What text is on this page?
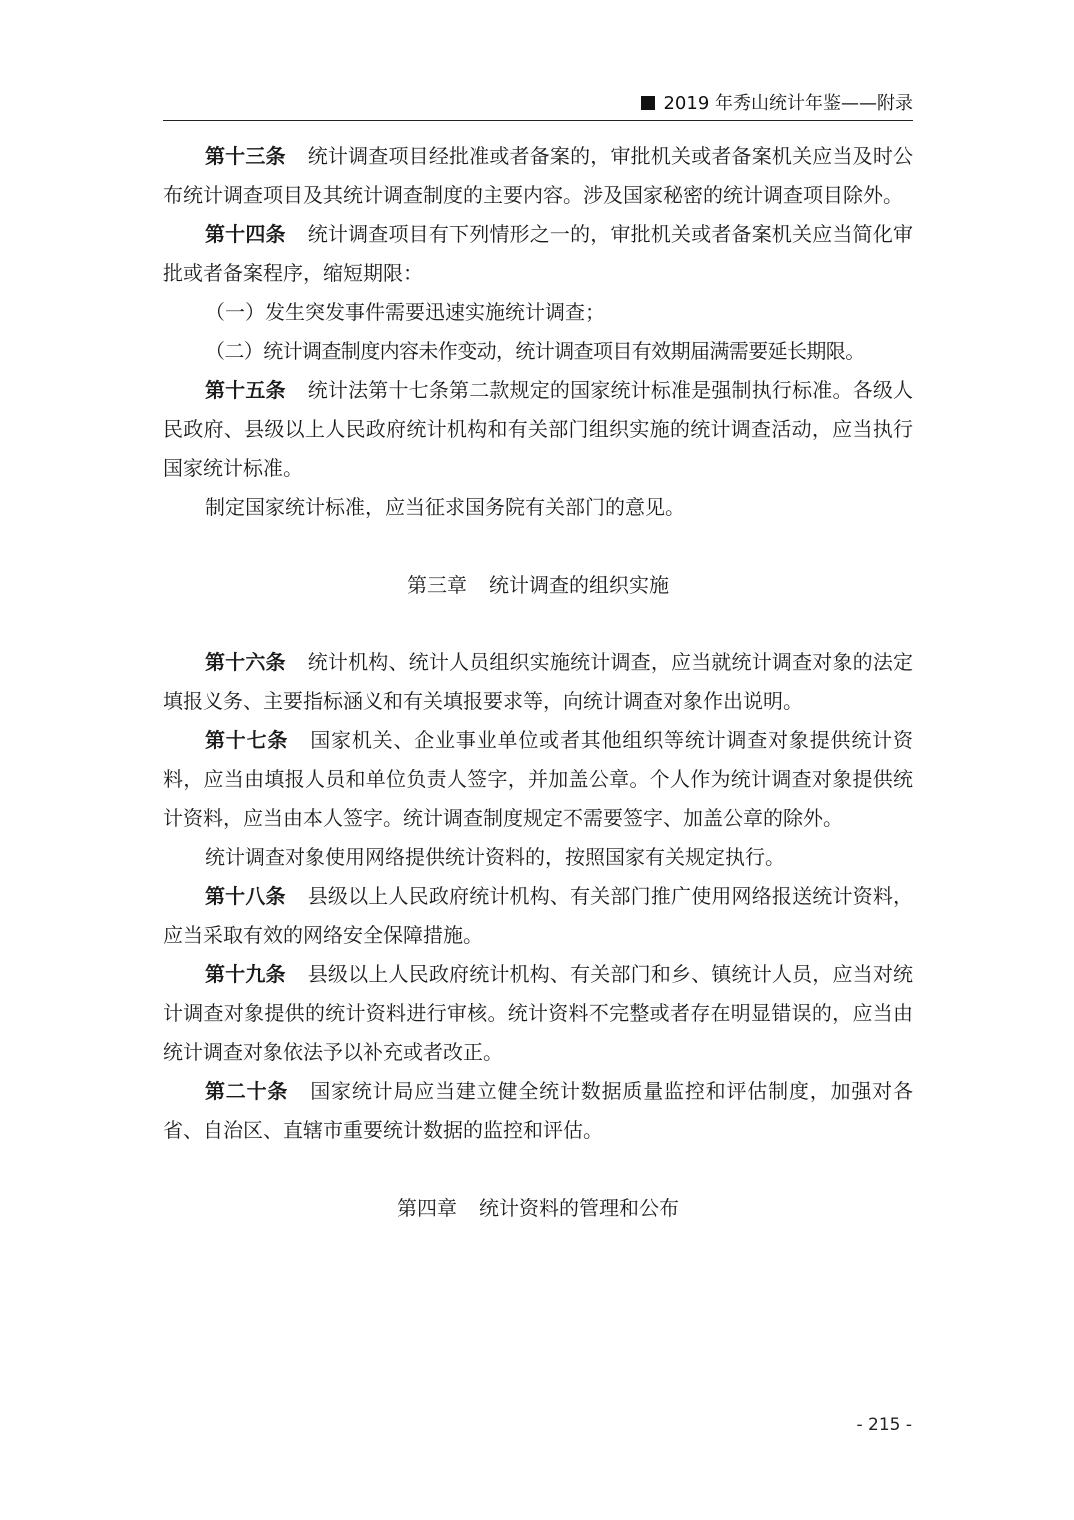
2019 年秀山统计年鉴——附录

第十三条 统计调查项目经批准或者备案的，审批机关或者备案机关应当及时公布统计调查项目及其统计调查制度的主要内容。涉及国家秘密的统计调查项目除外。

第十四条 统计调查项目有下列情形之一的，审批机关或者备案机关应当简化审批或者备案程序，缩短期限：

（一）发生突发事件需要迅速实施统计调查；

（二）统计调查制度内容未作变动，统计调查项目有效期届满需要延长期限。

第十五条 统计法第十七条第二款规定的国家统计标准是强制执行标准。各级人民政府、县级以上人民政府统计机构和有关部门组织实施的统计调查活动，应当执行国家统计标准。

制定国家统计标准，应当征求国务院有关部门的意见。

第三章 统计调查的组织实施

第十六条 统计机构、统计人员组织实施统计调查，应当就统计调查对象的法定填报义务、主要指标涵义和有关填报要求等，向统计调查对象作出说明。

第十七条 国家机关、企业事业单位或者其他组织等统计调查对象提供统计资料，应当由填报人员和单位负责人签字，并加盖公章。个人作为统计调查对象提供统计资料，应当由本人签字。统计调查制度规定不需要签字、加盖公章的除外。

统计调查对象使用网络提供统计资料的，按照国家有关规定执行。

第十八条 县级以上人民政府统计机构、有关部门推广使用网络报送统计资料，应当采取有效的网络安全保障措施。

第十九条 县级以上人民政府统计机构、有关部门和乡、镇统计人员，应当对统计调查对象提供的统计资料进行审核。统计资料不完整或者存在明显错误的，应当由统计调查对象依法予以补充或者改正。

第二十条 国家统计局应当建立健全统计数据质量监控和评估制度，加强对各省、自治区、直辖市重要统计数据的监控和评估。

第四章 统计资料的管理和公布

- 215 -
